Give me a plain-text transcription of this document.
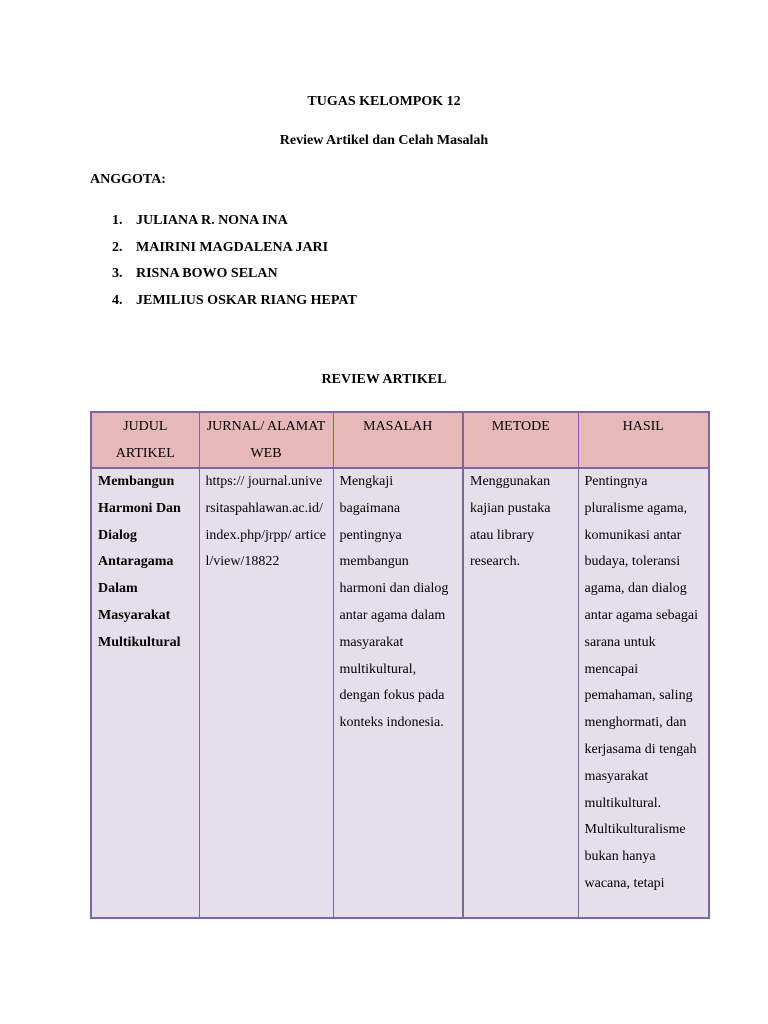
TUGAS KELOMPOK 12
Review Artikel dan Celah Masalah
ANGGOTA:
1. JULIANA R. NONA INA
2. MAIRINI MAGDALENA JARI
3. RISNA BOWO SELAN
4. JEMILIUS OSKAR RIANG HEPAT
REVIEW ARTIKEL
JUDUL ARTIKEL	JURNAL/ ALAMAT WEB	MASALAH	METODE	HASIL
Membangun Harmoni Dan Dialog Antaragama Dalam Masyarakat Multikultural	https:// journal.universitaspahlawan.ac.id/ index.php/jrpp/ articel/view/18822	Mengkaji bagaimana pentingnya membangun harmoni dan dialog antar agama dalam masyarakat multikultural, dengan fokus pada konteks indonesia.	Menggunakan kajian pustaka atau library research.	Pentingnya pluralisme agama, komunikasi antar budaya, toleransi agama, dan dialog antar agama sebagai sarana untuk mencapai pemahaman, saling menghormati, dan kerjasama di tengah masyarakat multikultural. Multikulturalisme bukan hanya wacana, tetapi
